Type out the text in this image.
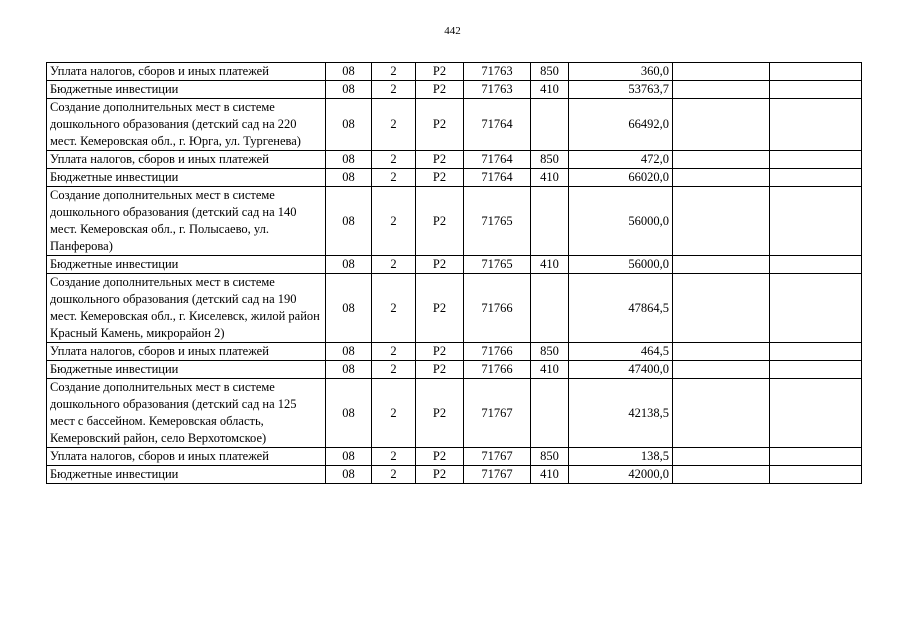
442
Уплата налогов, сборов и иных платежей	08	2	Р2	71763	850	360,0		
Бюджетные инвестиции	08	2	Р2	71763	410	53763,7		
Создание дополнительных мест в системе дошкольного образования (детский сад на 220 мест. Кемеровская обл., г. Юрга, ул. Тургенева)	08	2	Р2	71764		66492,0		
Уплата налогов, сборов и иных платежей	08	2	Р2	71764	850	472,0		
Бюджетные инвестиции	08	2	Р2	71764	410	66020,0		
Создание дополнительных мест в системе дошкольного образования (детский сад на 140 мест. Кемеровская обл., г. Полысаево, ул. Панферова)	08	2	Р2	71765		56000,0		
Бюджетные инвестиции	08	2	Р2	71765	410	56000,0		
Создание дополнительных мест в системе дошкольного образования (детский сад на 190 мест. Кемеровская обл., г. Киселевск, жилой район Красный Камень, микрорайон 2)	08	2	Р2	71766		47864,5		
Уплата налогов, сборов и иных платежей	08	2	Р2	71766	850	464,5		
Бюджетные инвестиции	08	2	Р2	71766	410	47400,0		
Создание дополнительных мест в системе дошкольного образования (детский сад на 125 мест с бассейном. Кемеровская область, Кемеровский район, село Верхотомское)	08	2	Р2	71767		42138,5		
Уплата налогов, сборов и иных платежей	08	2	Р2	71767	850	138,5		
Бюджетные инвестиции	08	2	Р2	71767	410	42000,0		
